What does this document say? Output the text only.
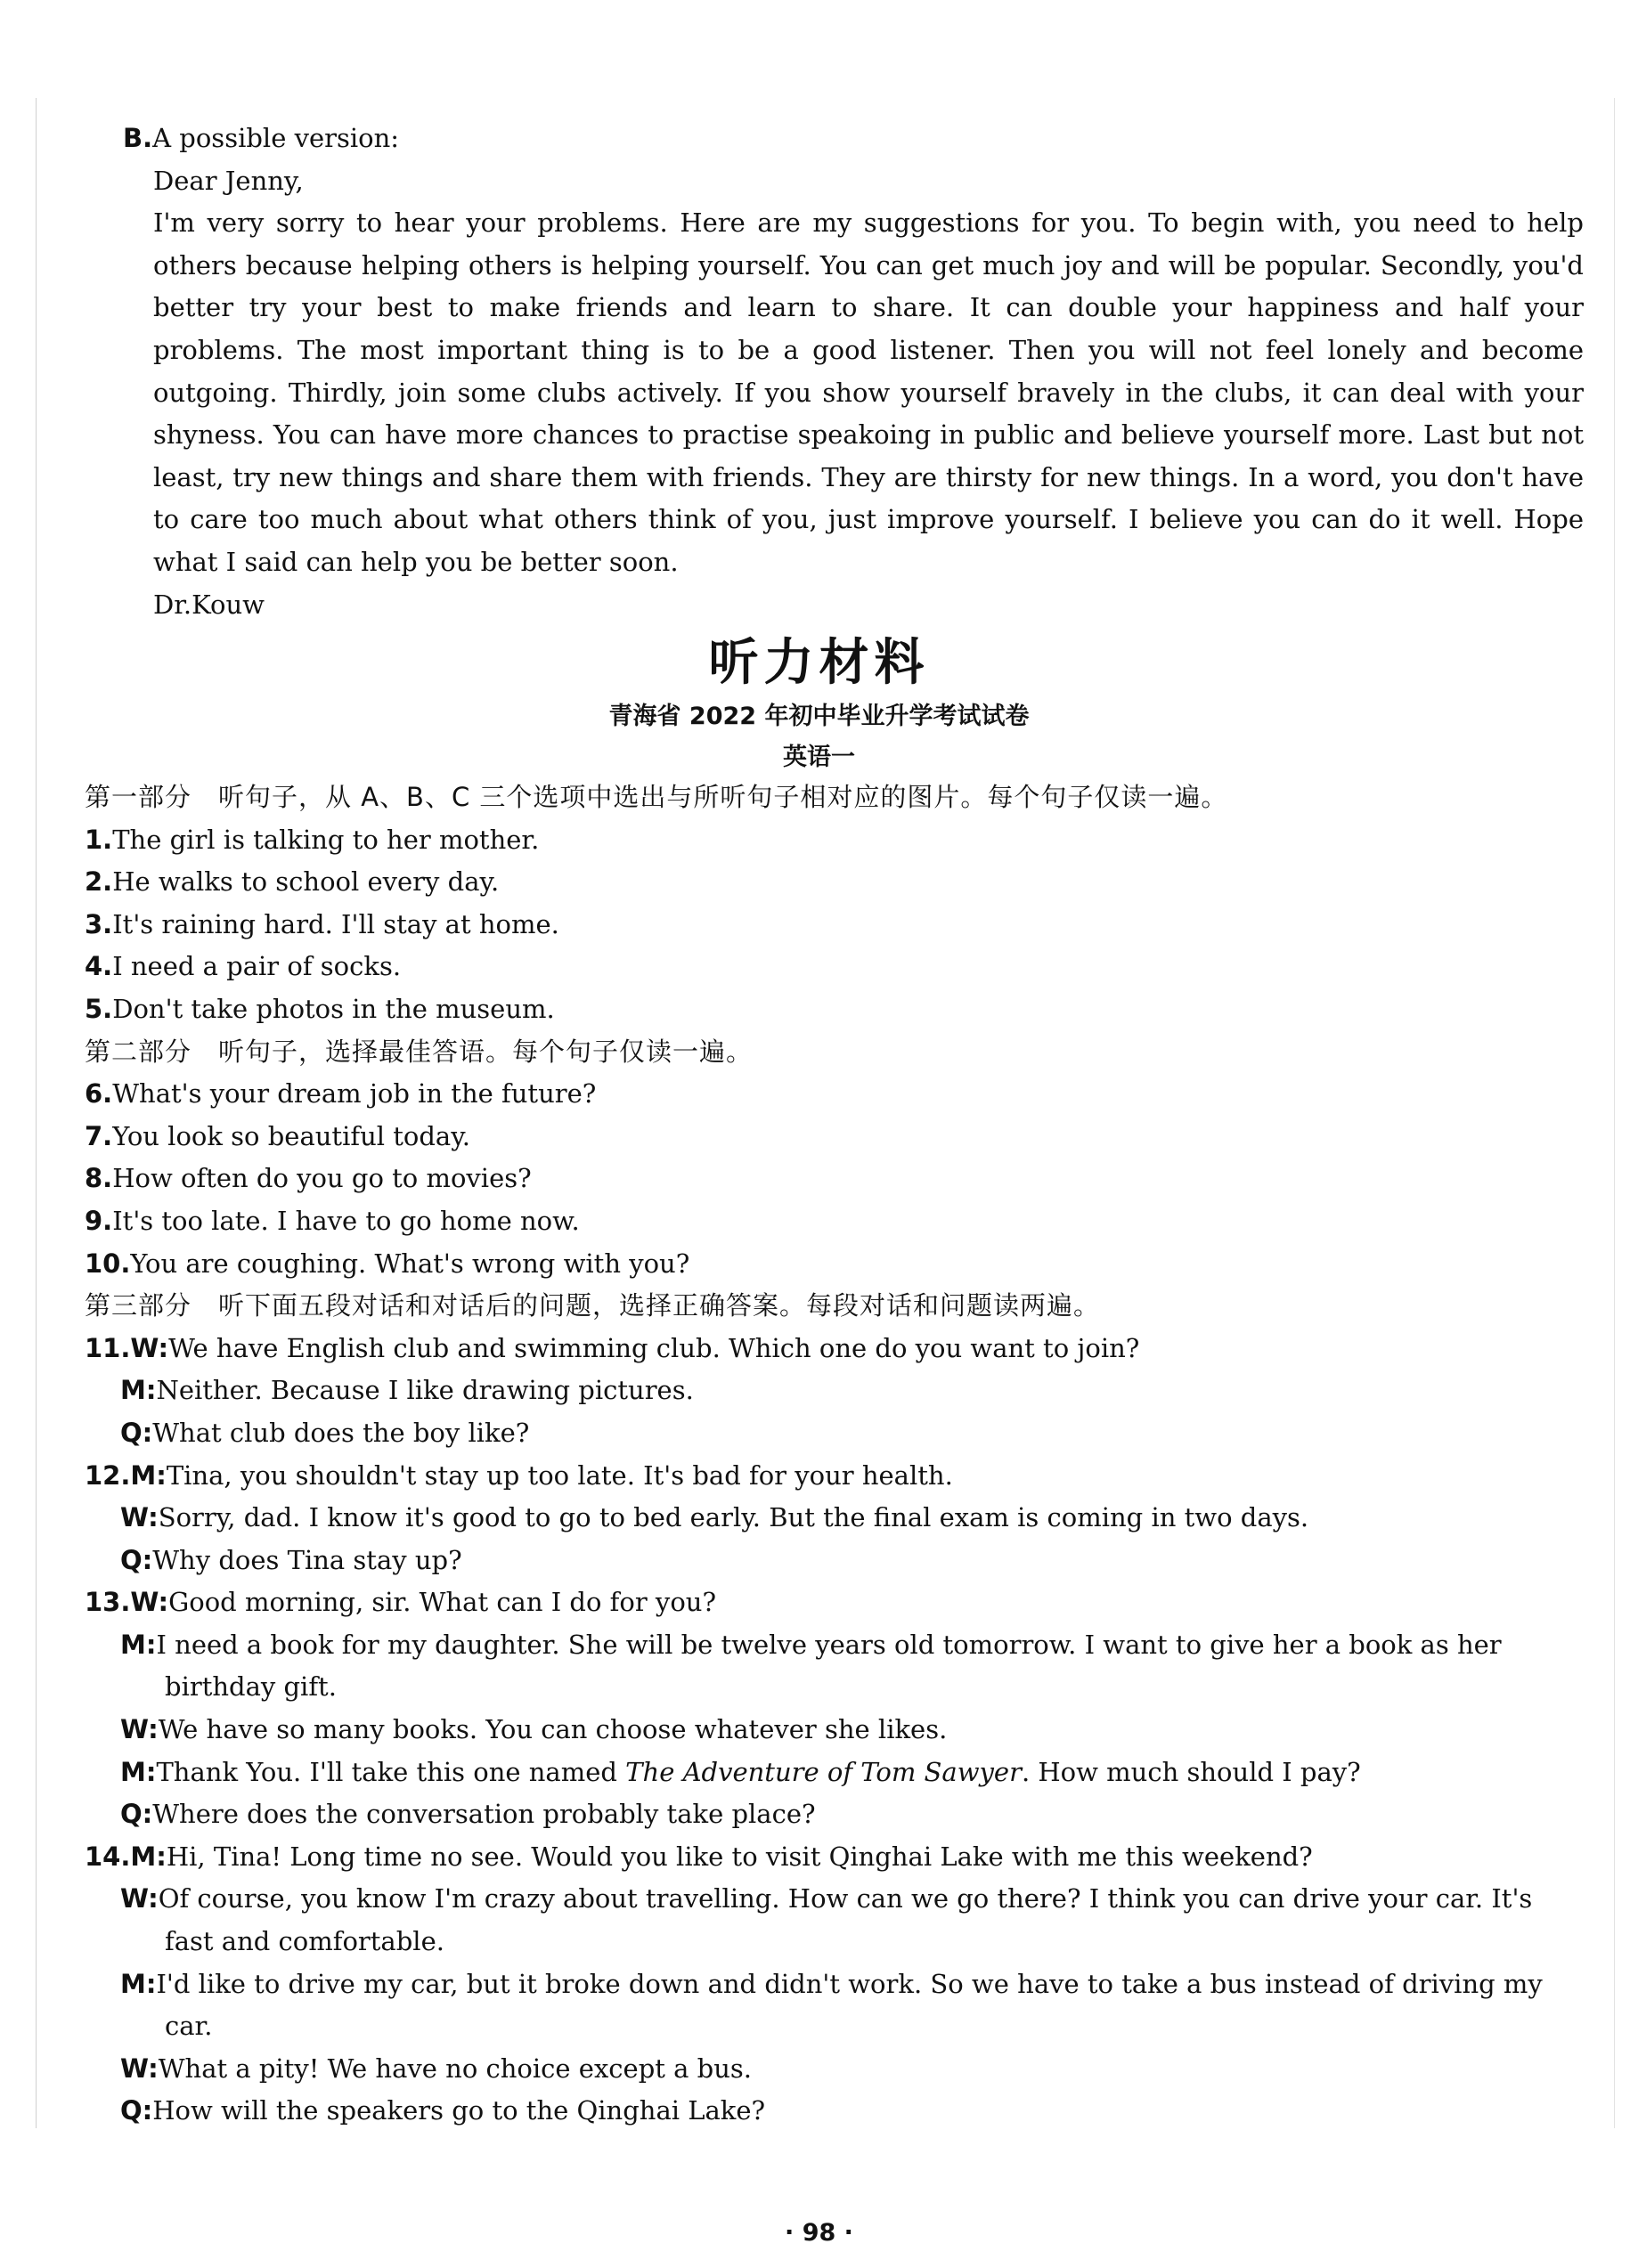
B.A possible version:
Dear Jenny,

I'm very sorry to hear your problems. Here are my suggestions for you. To begin with, you need to help others because helping others is helping yourself. You can get much joy and will be popular. Secondly, you'd better try your best to make friends and learn to share. It can double your happiness and half your problems. The most important thing is to be a good listener. Then you will not feel lonely and become outgoing. Thirdly, join some clubs actively. If you show yourself bravely in the clubs, it can deal with your shyness. You can have more chances to practise speakoing in public and believe yourself more. Last but not least, try new things and share them with friends. They are thirsty for new things. In a word, you don't have to care too much about what others think of you, just improve yourself. I believe you can do it well. Hope what I said can help you be better soon.

Dr.Kouw
听力材料
青海省 2022 年初中毕业升学考试试卷
英语一
第一部分　听句子，从 A、B、C 三个选项中选出与所听句子相对应的图片。每个句子仅读一遍。
1.The girl is talking to her mother.
2.He walks to school every day.
3.It's raining hard. I'll stay at home.
4.I need a pair of socks.
5.Don't take photos in the museum.
第二部分　听句子，选择最佳答语。每个句子仅读一遍。
6.What's your dream job in the future?
7.You look so beautiful today.
8.How often do you go to movies?
9.It's too late. I have to go home now.
10.You are coughing. What's wrong with you?
第三部分　听下面五段对话和对话后的问题，选择正确答案。每段对话和问题读两遍。
11.W:We have English club and swimming club. Which one do you want to join?
M:Neither. Because I like drawing pictures.
Q:What club does the boy like?
12.M:Tina, you shouldn't stay up too late. It's bad for your health.
W:Sorry, dad. I know it's good to go to bed early. But the final exam is coming in two days.
Q:Why does Tina stay up?
13.W:Good morning, sir. What can I do for you?
M:I need a book for my daughter. She will be twelve years old tomorrow. I want to give her a book as her
birthday gift.
W:We have so many books. You can choose whatever she likes.
M:Thank You. I'll take this one named The Adventure of Tom Sawyer. How much should I pay?
Q:Where does the conversation probably take place?
14.M:Hi, Tina! Long time no see. Would you like to visit Qinghai Lake with me this weekend?
W:Of course, you know I'm crazy about travelling. How can we go there? I think you can drive your car. It's
fast and comfortable.
M:I'd like to drive my car, but it broke down and didn't work. So we have to take a bus instead of driving my
car.
W:What a pity! We have no choice except a bus.
Q:How will the speakers go to the Qinghai Lake?
· 98 ·
